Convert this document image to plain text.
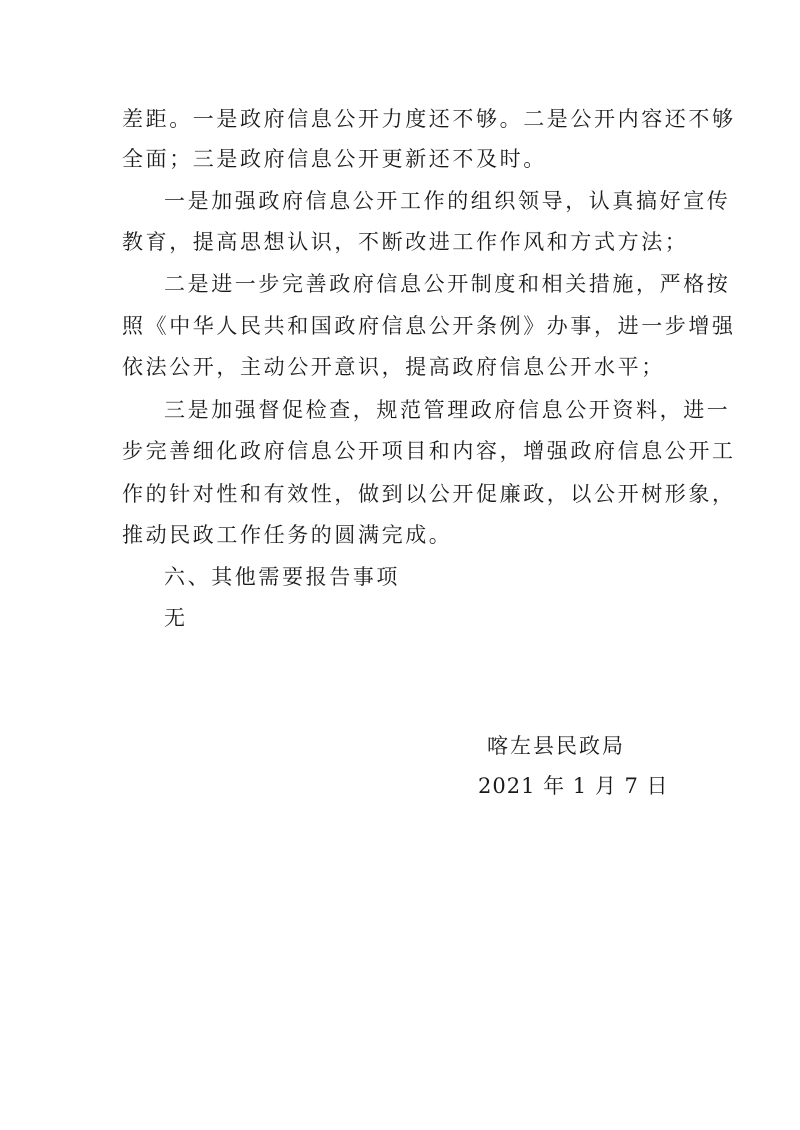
差距。一是政府信息公开力度还不够。二是公开内容还不够
全面；三是政府信息公开更新还不及时。
一是加强政府信息公开工作的组织领导，认真搞好宣传
教育，提高思想认识，不断改进工作作风和方式方法；
二是进一步完善政府信息公开制度和相关措施，严格按
照《中华人民共和国政府信息公开条例》办事，进一步增强
依法公开，主动公开意识，提高政府信息公开水平；
三是加强督促检查，规范管理政府信息公开资料，进一
步完善细化政府信息公开项目和内容，增强政府信息公开工
作的针对性和有效性，做到以公开促廉政，以公开树形象，
推动民政工作任务的圆满完成。
六、其他需要报告事项
无
喀左县民政局
2021 年 1 月 7 日
